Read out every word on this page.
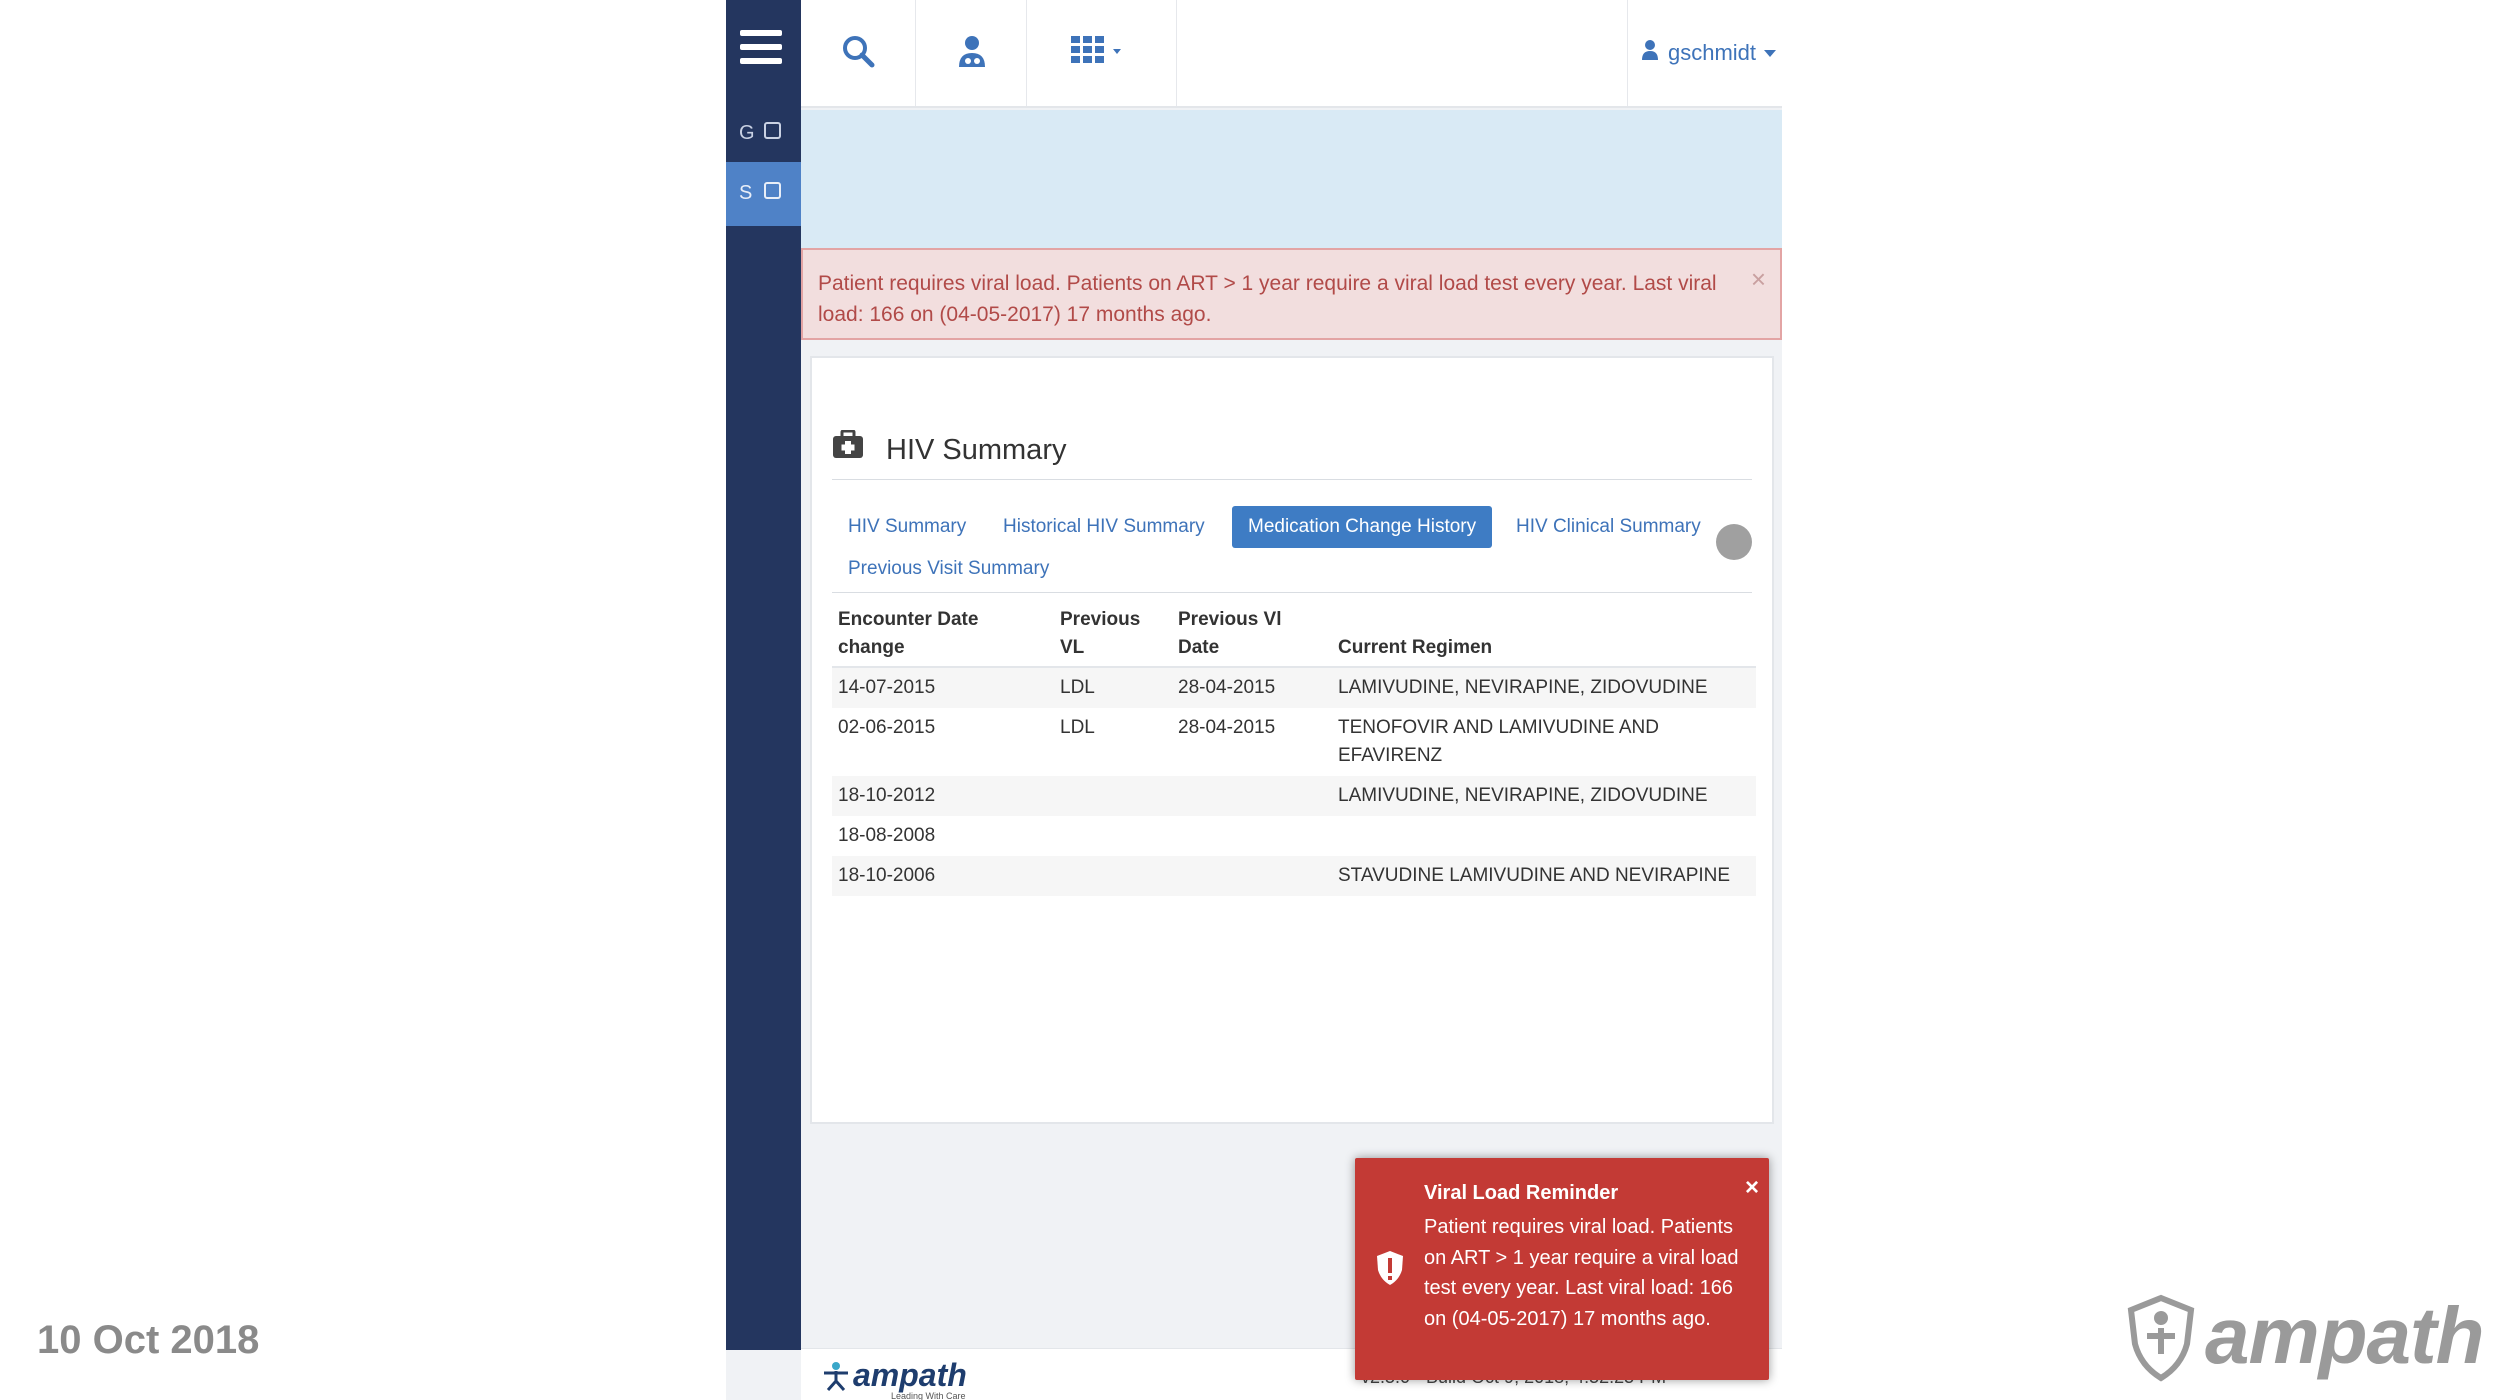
10 Oct 2018	ampath
G
S
gschmidt
Patient requires viral load. Patients on ART > 1 year require a viral load test every year. Last viral load: 166 on (04-05-2017) 17 months ago.
×
HIV Summary
HIV Summary	Historical HIV Summary	Medication Change History	HIV Clinical Summary
Previous Visit Summary
Encounter Date change	Previous VL	Previous Vl Date	Current Regimen
14-07-2015	LDL	28-04-2015	LAMIVUDINE, NEVIRAPINE, ZIDOVUDINE
02-06-2015	LDL	28-04-2015	TENOFOVIR AND LAMIVUDINE AND EFAVIRENZ
18-10-2012			LAMIVUDINE, NEVIRAPINE, ZIDOVUDINE
18-08-2008			
18-10-2006			STAVUDINE LAMIVUDINE AND NEVIRAPINE
ampath
Leading With Care
Viral Load Reminder
Patient requires viral load. Patients on ART > 1 year require a viral load test every year. Last viral load: 166 on (04-05-2017) 17 months ago.
×
